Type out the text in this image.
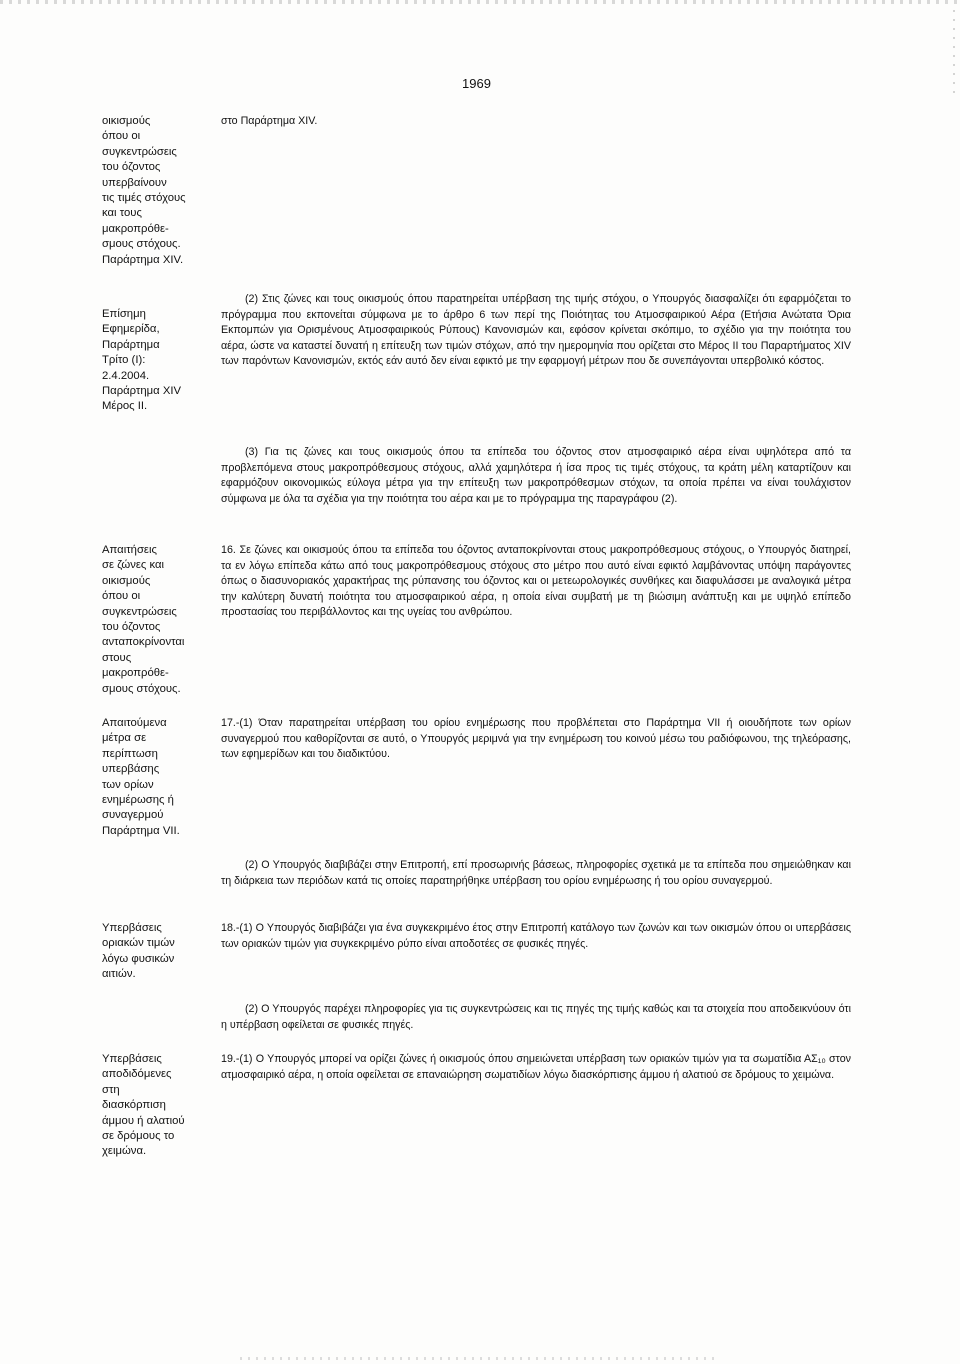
1969
οικισμούς
όπου οι
συγκεντρώσεις
του όζοντος
υπερβαίνουν
τις τιμές στόχους
και τους
μακροπρόθε-
σμους στόχους.
Παράρτημα XIV.
Επίσημη
Εφημερίδα,
Παράρτημα
Τρίτο (Ι):
2.4.2004.
Παράρτημα XIV
Μέρος ΙΙ.
Απαιτήσεις
σε ζώνες και
οικισμούς
όπου οι
συγκεντρώσεις
του όζοντος
ανταποκρίνονται
στους
μακροπρόθε-
σμους στόχους.
Απαιτούμενα
μέτρα σε
περίπτωση
υπερβάσης
των ορίων
ενημέρωσης ή
συναγερμού
Παράρτημα VII.
Υπερβάσεις
οριακών τιμών
λόγω φυσικών
αιτιών.
Υπερβάσεις
αποδιδόμενες
στη
διασκόρπιση
άμμου ή αλατιού
σε δρόμους το
χειμώνα.

στο Παράρτημα XIV.

(2) Στις ζώνες και τους οικισμούς όπου παρατηρείται υπέρβαση της τιμής στόχου, ο Υπουργός διασφαλίζει ότι εφαρμόζεται το πρόγραμμα που εκπονείται σύμφωνα με το άρθρο 6 των περί της Ποιότητας του Ατμοσφαιρικού Αέρα (Ετήσια Ανώτατα Όρια Εκπομπών για Ορισμένους Ατμοσφαιρικούς Ρύπους) Κανονισμών και, εφόσον κρίνεται σκόπιμο, το σχέδιο για την ποιότητα του αέρα, ώστε να καταστεί δυνατή η επίτευξη των τιμών στόχων, από την ημερομηνία που ορίζεται στο Μέρος ΙΙ του Παραρτήματος XIV των παρόντων Κανονισμών, εκτός εάν αυτό δεν είναι εφικτό με την εφαρμογή μέτρων που δε συνεπάγονται υπερβολικό κόστος.

(3) Για τις ζώνες και τους οικισμούς όπου τα επίπεδα του όζοντος στον ατμοσφαιρικό αέρα είναι υψηλότερα από τα προβλεπόμενα στους μακροπρόθεσμους στόχους, αλλά χαμηλότερα ή ίσα προς τις τιμές στόχους, τα κράτη μέλη καταρτίζουν και εφαρμόζουν οικονομικώς εύλογα μέτρα για την επίτευξη των μακροπρόθεσμων στόχων, τα οποία πρέπει να είναι τουλάχιστον σύμφωνα με όλα τα σχέδια για την ποιότητα του αέρα και με το πρόγραμμα της παραγράφου (2).

16. Σε ζώνες και οικισμούς όπου τα επίπεδα του όζοντος ανταποκρίνονται στους μακροπρόθεσμους στόχους, ο Υπουργός διατηρεί, τα εν λόγω επίπεδα κάτω από τους μακροπρόθεσμους στόχους στο μέτρο που αυτό είναι εφικτό λαμβάνοντας υπόψη παράγοντες όπως ο διασυνοριακός χαρακτήρας της ρύπανσης του όζοντος και οι μετεωρολογικές συνθήκες και διαφυλάσσει με αναλογικά μέτρα την καλύτερη δυνατή ποιότητα του ατμοσφαιρικού αέρα, η οποία είναι συμβατή με τη βιώσιμη ανάπτυξη και με υψηλό επίπεδο προστασίας του περιβάλλοντος και της υγείας του ανθρώπου.

17.-(1) Όταν παρατηρείται υπέρβαση του ορίου ενημέρωσης που προβλέπεται στο Παράρτημα VII ή οιουδήποτε των ορίων συναγερμού που καθορίζονται σε αυτό, ο Υπουργός μεριμνά για την ενημέρωση του κοινού μέσω του ραδιόφωνου, της τηλεόρασης, των εφημερίδων και του διαδικτύου.

(2) Ο Υπουργός διαβιβάζει στην Επιτροπή, επί προσωρινής βάσεως, πληροφορίες σχετικά με τα επίπεδα που σημειώθηκαν και τη διάρκεια των περιόδων κατά τις οποίες παρατηρήθηκε υπέρβαση του ορίου ενημέρωσης ή του ορίου συναγερμού.

18.-(1) Ο Υπουργός διαβιβάζει για ένα συγκεκριμένο έτος στην Επιτροπή κατάλογο των ζωνών και των οικισμών όπου οι υπερβάσεις των οριακών τιμών για συγκεκριμένο ρύπο είναι αποδοτέες σε φυσικές πηγές.

(2) Ο Υπουργός παρέχει πληροφορίες για τις συγκεντρώσεις και τις πηγές της τιμής καθώς και τα στοιχεία που αποδεικνύουν ότι η υπέρβαση οφείλεται σε φυσικές πηγές.

19.-(1) Ο Υπουργός μπορεί να ορίζει ζώνες ή οικισμούς όπου σημειώνεται υπέρβαση των οριακών τιμών για τα σωματίδια ΑΣ₁₀ στον ατμοσφαιρικό αέρα, η οποία οφείλεται σε επαναιώρηση σωματιδίων λόγω διασκόρπισης άμμου ή αλατιού σε δρόμους το χειμώνα.
